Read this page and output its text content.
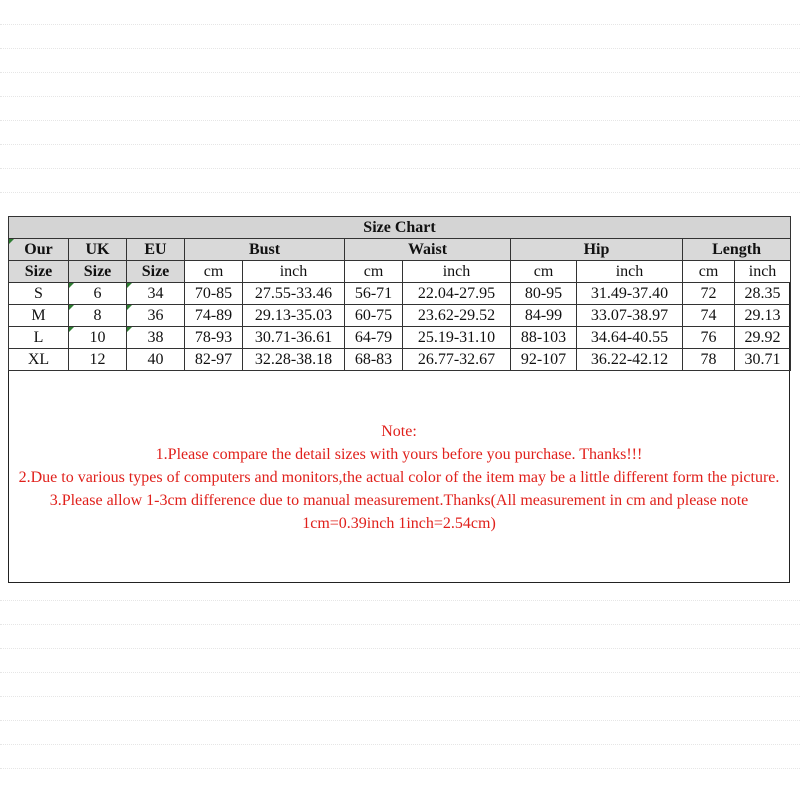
Size Chart										
Our	UK	EU	Bust		Waist		Hip		Length	
Size	Size	Size	cm	inch	cm	inch	cm	inch	cm	inch
S	6	34	70-85	27.55-33.46	56-71	22.04-27.95	80-95	31.49-37.40	72	28.35
M	8	36	74-89	29.13-35.03	60-75	23.62-29.52	84-99	33.07-38.97	74	29.13
L	10	38	78-93	30.71-36.61	64-79	25.19-31.10	88-103	34.64-40.55	76	29.92
XL	12	40	82-97	32.28-38.18	68-83	26.77-32.67	92-107	36.22-42.12	78	30.71

Note:

1.Please compare the detail sizes with yours before you purchase. Thanks!!!

2.Due to various types of computers and monitors,the actual color of the item may be a little different form the picture.

3.Please allow 1-3cm difference due to manual measurement.Thanks(All measurement in cm and please note 1cm=0.39inch 1inch=2.54cm)
